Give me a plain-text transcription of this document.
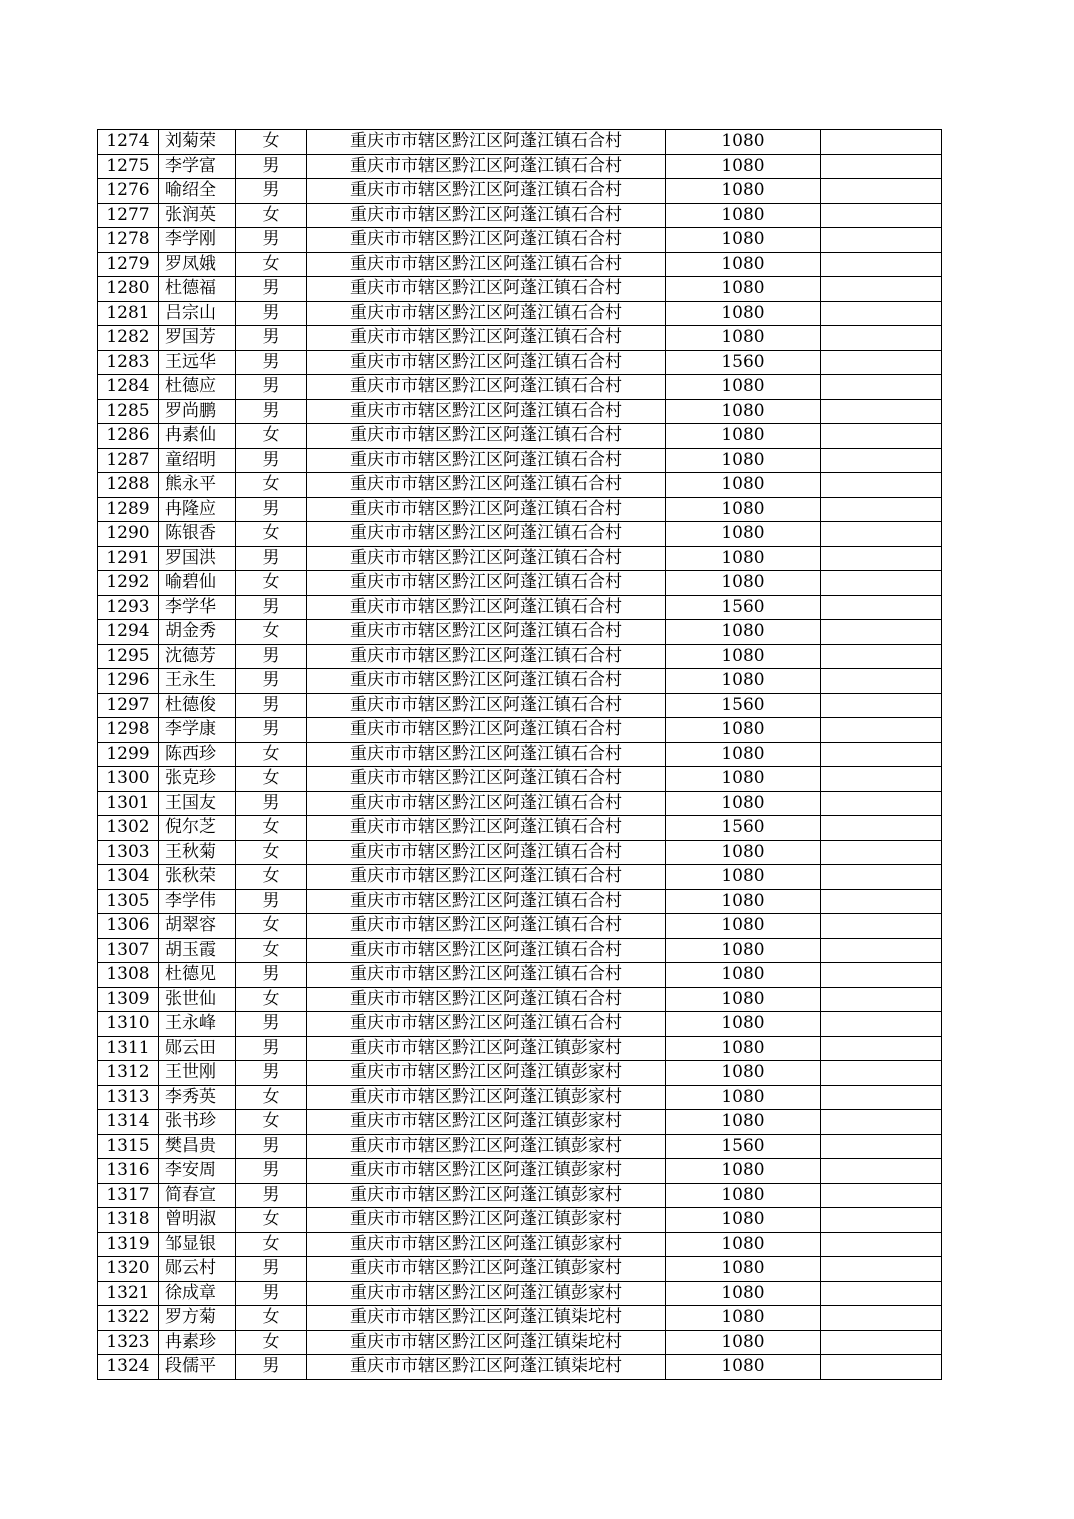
1274	刘菊荣	女	重庆市市辖区黔江区阿蓬江镇石合村	1080	
1275	李学富	男	重庆市市辖区黔江区阿蓬江镇石合村	1080	
1276	喻绍全	男	重庆市市辖区黔江区阿蓬江镇石合村	1080	
1277	张润英	女	重庆市市辖区黔江区阿蓬江镇石合村	1080	
1278	李学刚	男	重庆市市辖区黔江区阿蓬江镇石合村	1080	
1279	罗凤娥	女	重庆市市辖区黔江区阿蓬江镇石合村	1080	
1280	杜德福	男	重庆市市辖区黔江区阿蓬江镇石合村	1080	
1281	吕宗山	男	重庆市市辖区黔江区阿蓬江镇石合村	1080	
1282	罗国芳	男	重庆市市辖区黔江区阿蓬江镇石合村	1080	
1283	王远华	男	重庆市市辖区黔江区阿蓬江镇石合村	1560	
1284	杜德应	男	重庆市市辖区黔江区阿蓬江镇石合村	1080	
1285	罗尚鹏	男	重庆市市辖区黔江区阿蓬江镇石合村	1080	
1286	冉素仙	女	重庆市市辖区黔江区阿蓬江镇石合村	1080	
1287	童绍明	男	重庆市市辖区黔江区阿蓬江镇石合村	1080	
1288	熊永平	女	重庆市市辖区黔江区阿蓬江镇石合村	1080	
1289	冉隆应	男	重庆市市辖区黔江区阿蓬江镇石合村	1080	
1290	陈银香	女	重庆市市辖区黔江区阿蓬江镇石合村	1080	
1291	罗国洪	男	重庆市市辖区黔江区阿蓬江镇石合村	1080	
1292	喻碧仙	女	重庆市市辖区黔江区阿蓬江镇石合村	1080	
1293	李学华	男	重庆市市辖区黔江区阿蓬江镇石合村	1560	
1294	胡金秀	女	重庆市市辖区黔江区阿蓬江镇石合村	1080	
1295	沈德芳	男	重庆市市辖区黔江区阿蓬江镇石合村	1080	
1296	王永生	男	重庆市市辖区黔江区阿蓬江镇石合村	1080	
1297	杜德俊	男	重庆市市辖区黔江区阿蓬江镇石合村	1560	
1298	李学康	男	重庆市市辖区黔江区阿蓬江镇石合村	1080	
1299	陈西珍	女	重庆市市辖区黔江区阿蓬江镇石合村	1080	
1300	张克珍	女	重庆市市辖区黔江区阿蓬江镇石合村	1080	
1301	王国友	男	重庆市市辖区黔江区阿蓬江镇石合村	1080	
1302	倪尔芝	女	重庆市市辖区黔江区阿蓬江镇石合村	1560	
1303	王秋菊	女	重庆市市辖区黔江区阿蓬江镇石合村	1080	
1304	张秋荣	女	重庆市市辖区黔江区阿蓬江镇石合村	1080	
1305	李学伟	男	重庆市市辖区黔江区阿蓬江镇石合村	1080	
1306	胡翠容	女	重庆市市辖区黔江区阿蓬江镇石合村	1080	
1307	胡玉霞	女	重庆市市辖区黔江区阿蓬江镇石合村	1080	
1308	杜德见	男	重庆市市辖区黔江区阿蓬江镇石合村	1080	
1309	张世仙	女	重庆市市辖区黔江区阿蓬江镇石合村	1080	
1310	王永峰	男	重庆市市辖区黔江区阿蓬江镇石合村	1080	
1311	郧云田	男	重庆市市辖区黔江区阿蓬江镇彭家村	1080	
1312	王世刚	男	重庆市市辖区黔江区阿蓬江镇彭家村	1080	
1313	李秀英	女	重庆市市辖区黔江区阿蓬江镇彭家村	1080	
1314	张书珍	女	重庆市市辖区黔江区阿蓬江镇彭家村	1080	
1315	樊昌贵	男	重庆市市辖区黔江区阿蓬江镇彭家村	1560	
1316	李安周	男	重庆市市辖区黔江区阿蓬江镇彭家村	1080	
1317	简春宣	男	重庆市市辖区黔江区阿蓬江镇彭家村	1080	
1318	曾明淑	女	重庆市市辖区黔江区阿蓬江镇彭家村	1080	
1319	邹显银	女	重庆市市辖区黔江区阿蓬江镇彭家村	1080	
1320	郧云村	男	重庆市市辖区黔江区阿蓬江镇彭家村	1080	
1321	徐成章	男	重庆市市辖区黔江区阿蓬江镇彭家村	1080	
1322	罗方菊	女	重庆市市辖区黔江区阿蓬江镇柒坨村	1080	
1323	冉素珍	女	重庆市市辖区黔江区阿蓬江镇柒坨村	1080	
1324	段儒平	男	重庆市市辖区黔江区阿蓬江镇柒坨村	1080	
